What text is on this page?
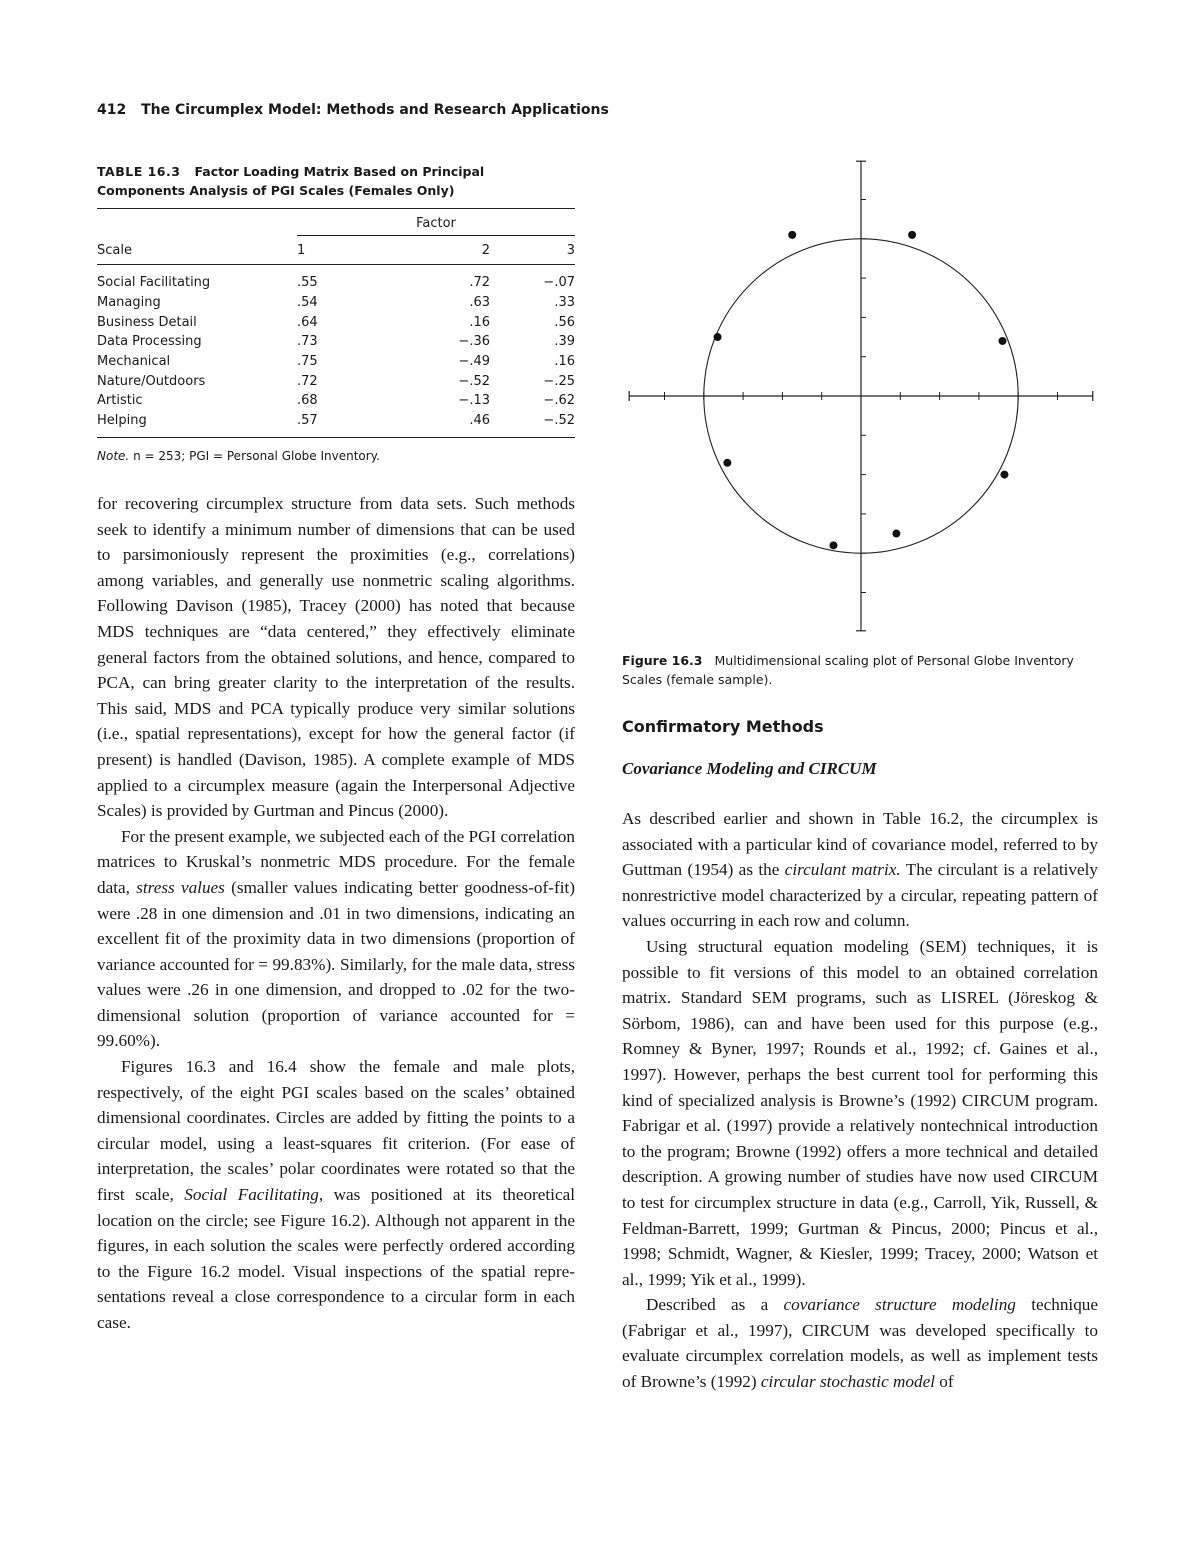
412 The Circumplex Model: Methods and Research Applications
TABLE 16.3 Factor Loading Matrix Based on Principal Components Analysis of PGI Scales (Females Only)

	Factor		

Scale	1	2	3
Social Facilitating	.55	.72	−.07
Managing	.54	.63	.33
Business Detail	.64	.16	.56
Data Processing	.73	−.36	.39
Mechanical	.75	−.49	.16
Nature/Outdoors	.72	−.52	−.25
Artistic	.68	−.13	−.62
Helping	.57	.46	−.52
Note. n = 253; PGI = Personal Globe Inventory.

for recovering circumplex structure from data sets. Such methods seek to identify a minimum number of dimensions that can be used to parsimoniously represent the proximities (e.g., correlations) among variables, and generally use nonmetric scaling algorithms. Following Davison (1985), Tracey (2000) has noted that because MDS techniques are “data centered,” they effectively eliminate general factors from the obtained solutions, and hence, compared to PCA, can bring greater clarity to the interpretation of the results. This said, MDS and PCA typically produce very similar solutions (i.e., spatial representations), except for how the general factor (if present) is handled (Davison, 1985). A complete example of MDS applied to a circumplex measure (again the Interpersonal Adjective Scales) is provided by Gurtman and Pincus (2000).

For the present example, we subjected each of the PGI correlation matrices to Kruskal’s nonmetric MDS procedure. For the female data, stress values (smaller values indicating better goodness-of-fit) were .28 in one dimension and .01 in two dimensions, indicating an excellent fit of the proximity data in two dimensions (proportion of variance accounted for = 99.83%). Similarly, for the male data, stress values were .26 in one dimension, and dropped to .02 for the two-dimensional solution (proportion of variance accounted for = 99.60%).

Figures 16.3 and 16.4 show the female and male plots, respectively, of the eight PGI scales based on the scales’ obtained dimensional coordinates. Circles are added by fitting the points to a circular model, using a least-squares fit criterion. (For ease of interpretation, the scales’ polar coordinates were rotated so that the first scale, Social Facilitating, was positioned at its theoretical location on the circle; see Figure 16.2). Although not apparent in the figures, in each solution the scales were perfectly ordered according to the Figure 16.2 model. Visual inspections of the spatial representations reveal a close correspondence to a circular form in each case.

Figure 16.3 Multidimensional scaling plot of Personal Globe Inventory Scales (female sample).
Confirmatory Methods
Covariance Modeling and CIRCUM

As described earlier and shown in Table 16.2, the circumplex is associated with a particular kind of covariance model, referred to by Guttman (1954) as the circulant matrix. The circulant is a relatively nonrestrictive model characterized by a circular, repeating pattern of values occurring in each row and column.

Using structural equation modeling (SEM) techniques, it is possible to fit versions of this model to an obtained correlation matrix. Standard SEM programs, such as LISREL (Jöreskog & Sörbom, 1986), can and have been used for this purpose (e.g., Romney & Byner, 1997; Rounds et al., 1992; cf. Gaines et al., 1997). However, perhaps the best current tool for performing this kind of specialized analysis is Browne’s (1992) CIRCUM program. Fabrigar et al. (1997) provide a relatively nontechnical introduction to the program; Browne (1992) offers a more technical and detailed description. A growing number of studies have now used CIRCUM to test for circumplex structure in data (e.g., Carroll, Yik, Russell, & Feldman-Barrett, 1999; Gurtman & Pincus, 2000; Pincus et al., 1998; Schmidt, Wagner, & Kiesler, 1999; Tracey, 2000; Watson et al., 1999; Yik et al., 1999).

Described as a covariance structure modeling technique (Fabrigar et al., 1997), CIRCUM was developed specifically to evaluate circumplex correlation models, as well as implement tests of Browne’s (1992) circular stochastic model of
